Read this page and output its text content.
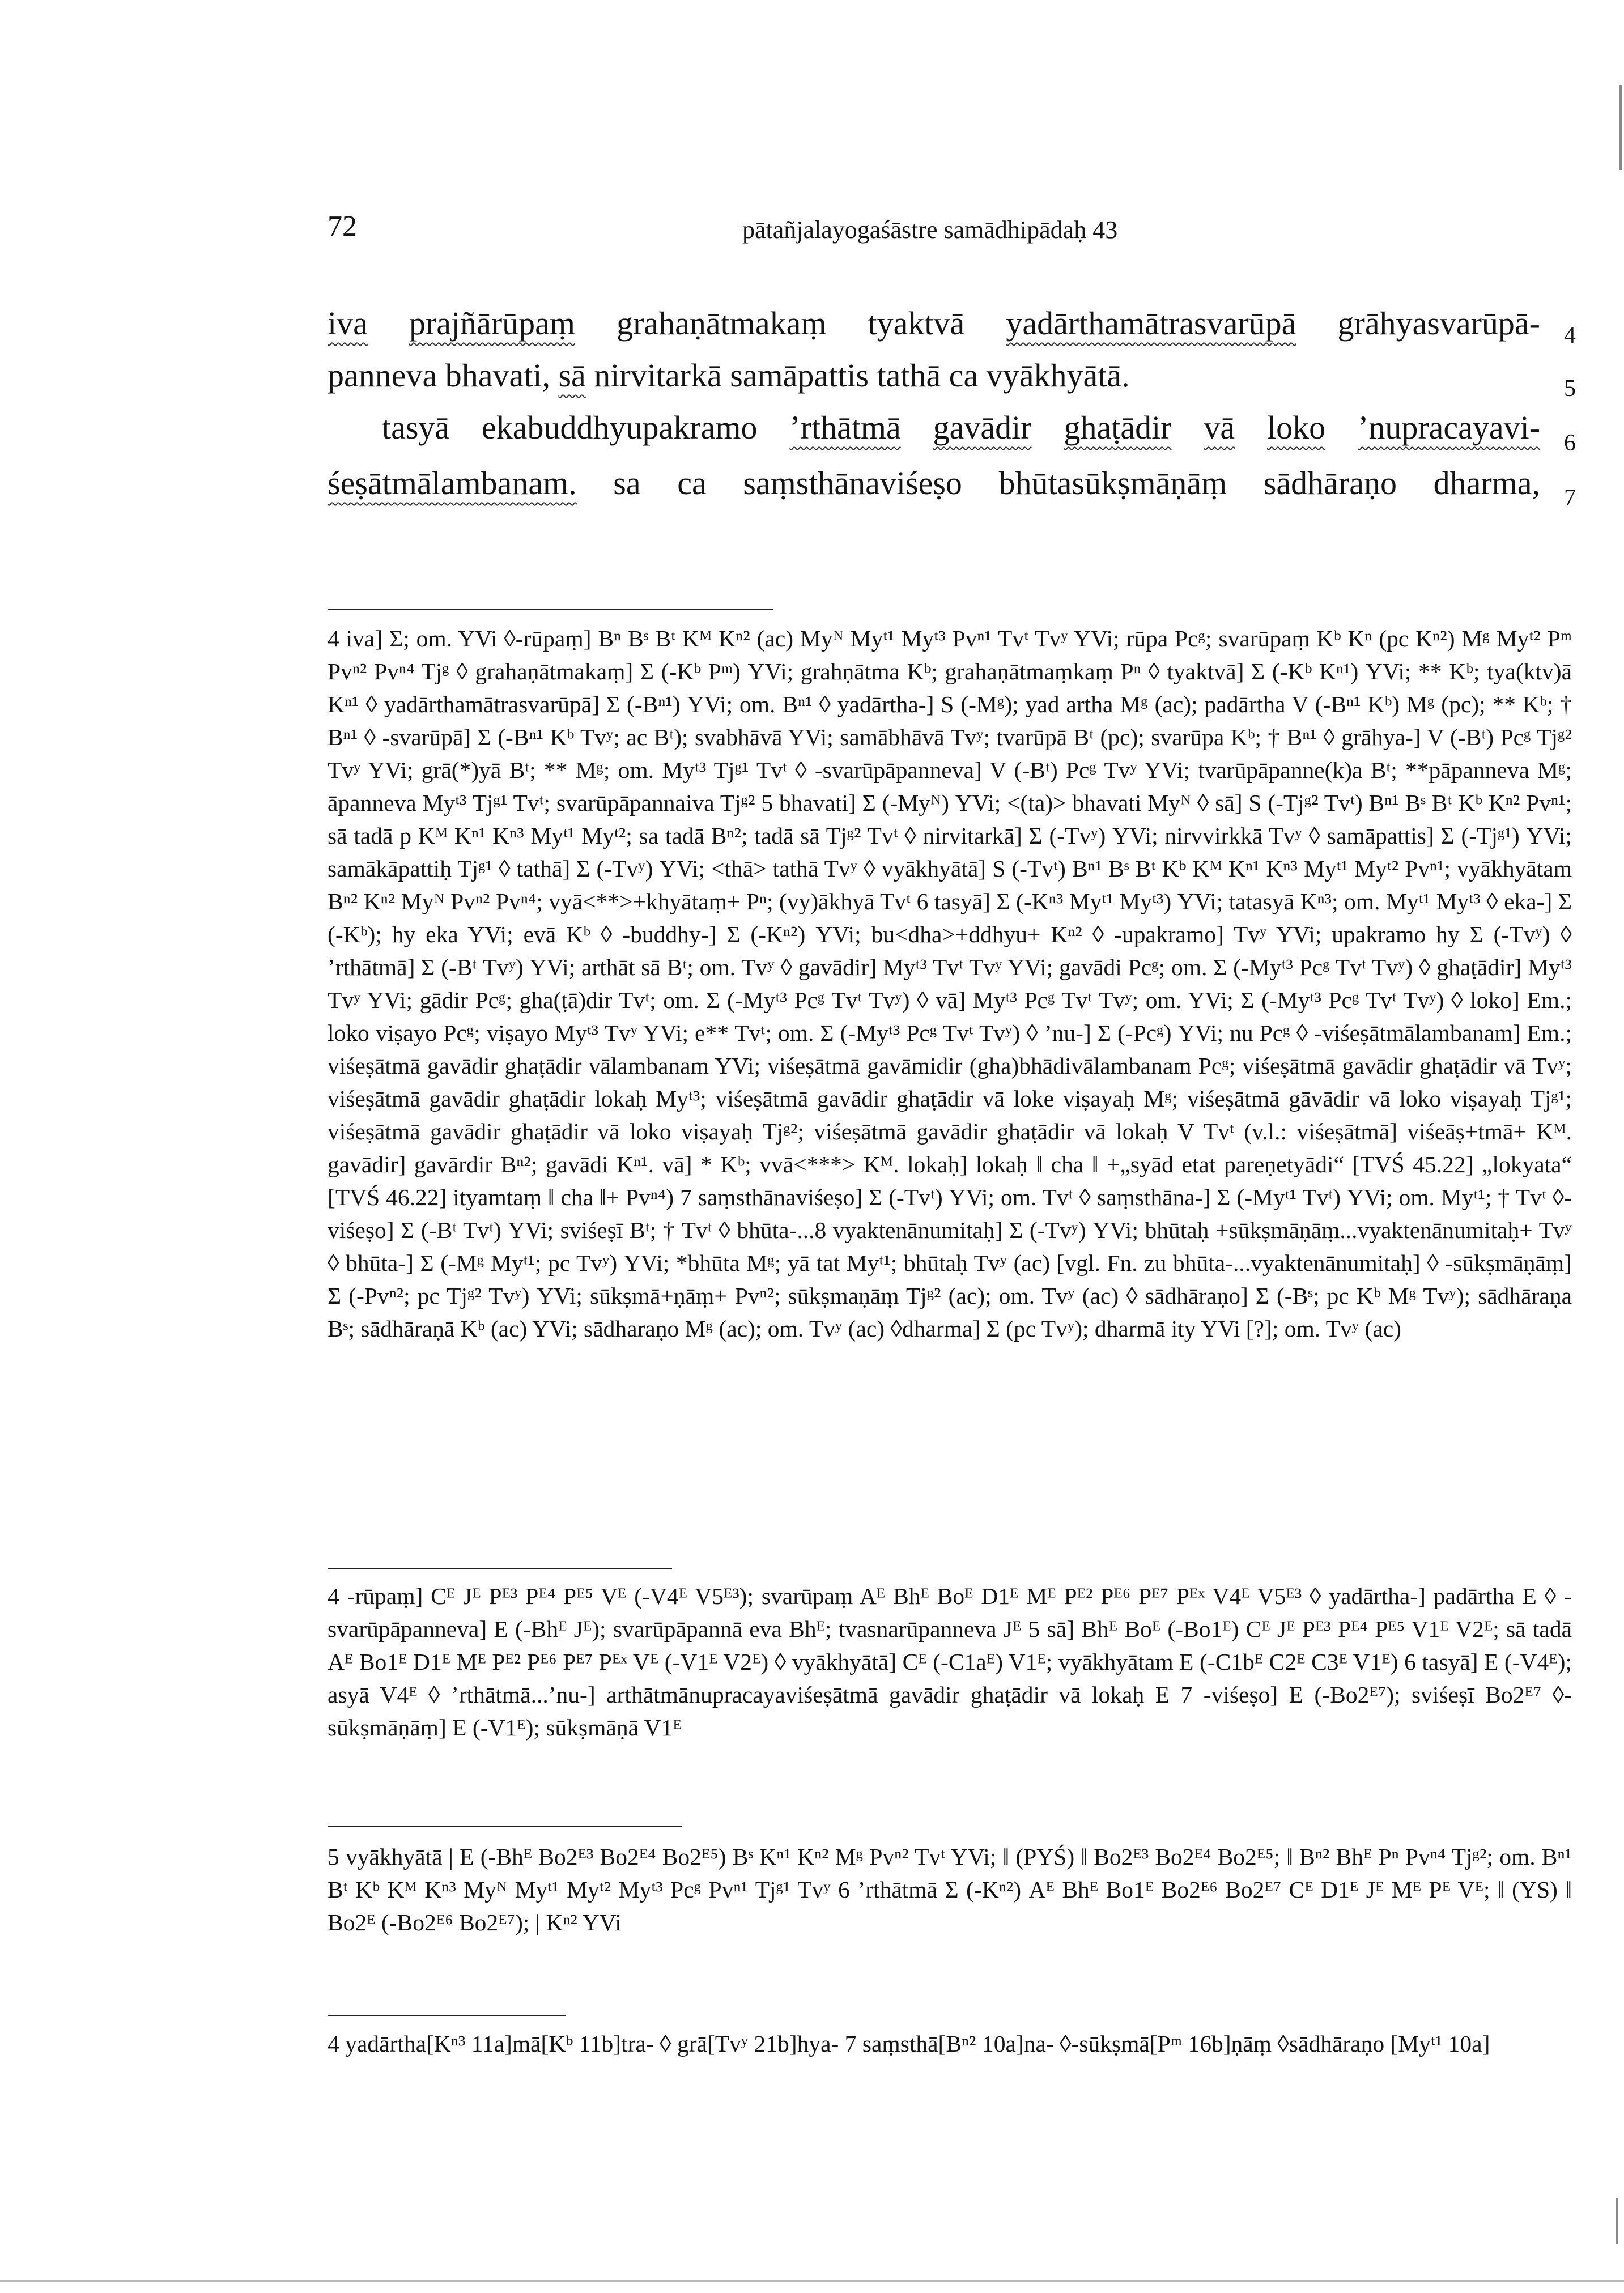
72	pātañjalayogaśāstre samādhipādaḥ 43
iva prajñārūpaṃ grahaṇātmakaṃ tyaktvā yadārthamātrasvarūpā grāhyasvarūpā- 4
panneva bhavati, sā nirvitarkā samāpattis tathā ca vyākhyātā.	5
tasyā ekabuddhyupakramo ’rthātmā gavādir ghaṭādir vā loko ’nupracayavi- 6
śeṣātmālambanam. sa ca saṃsthānaviśeṣo bhūtasūkṣmāṇāṃ sādhāraṇo dharma, 7
4 iva] Σ; om. YVi ◊-rūpaṃ] Bⁿ Bˢ Bᵗ Kᴹ Kⁿ² (ac) Myᴺ Myᵗ¹ Myᵗ³ Pvⁿ¹ Tvᵗ Tvʸ YVi; rūpa Pcᵍ; svarūpaṃ Kᵇ Kⁿ (pc Kⁿ²) Mᵍ Myᵗ² Pᵐ Pvⁿ² Pvⁿ⁴ Tjᵍ ◊ grahaṇātmakaṃ] Σ (-Kᵇ Pᵐ) YVi; grahṇātma Kᵇ; grahaṇātmaṃkaṃ Pⁿ ◊ tyaktvā] Σ (-Kᵇ Kⁿ¹) YVi; ** Kᵇ; tya(ktv)ā Kⁿ¹ ◊ yadārthamātrasvarūpā] Σ (-Bⁿ¹) YVi; om. Bⁿ¹ ◊ yadārtha-] S (-Mᵍ); yad artha Mᵍ (ac); padārtha V (-Bⁿ¹ Kᵇ) Mᵍ (pc); ** Kᵇ; † Bⁿ¹ ◊ -svarūpā] Σ (-Bⁿ¹ Kᵇ Tvʸ; ac Bᵗ); svabhāvā YVi; samābhāvā Tvʸ; tvarūpā Bᵗ (pc); svarūpa Kᵇ; † Bⁿ¹ ◊ grāhya-] V (-Bᵗ) Pcᵍ Tjᵍ² Tvʸ YVi; grā(*)yā Bᵗ; ** Mᵍ; om. Myᵗ³ Tjᵍ¹ Tvᵗ ◊ -svarūpāpanneva] V (-Bᵗ) Pcᵍ Tvʸ YVi; tvarūpāpanne(k)a Bᵗ; **pāpanneva Mᵍ; āpanneva Myᵗ³ Tjᵍ¹ Tvᵗ; svarūpāpannaiva Tjᵍ² 5 bhavati] Σ (-Myᴺ) YVi; <(ta)> bhavati Myᴺ ◊ sā] S (-Tjᵍ² Tvᵗ) Bⁿ¹ Bˢ Bᵗ Kᵇ Kⁿ² Pvⁿ¹; sā tadā p Kᴹ Kⁿ¹ Kⁿ³ Myᵗ¹ Myᵗ²; sa tadā Bⁿ²; tadā sā Tjᵍ² Tvᵗ ◊ nirvitarkā] Σ (-Tvʸ) YVi; nirvvirkkā Tvʸ ◊ samāpattis] Σ (-Tjᵍ¹) YVi; samākāpattiḥ Tjᵍ¹ ◊ tathā] Σ (-Tvʸ) YVi; <thā> tathā Tvʸ ◊ vyākhyātā] S (-Tvᵗ) Bⁿ¹ Bˢ Bᵗ Kᵇ Kᴹ Kⁿ¹ Kⁿ³ Myᵗ¹ Myᵗ² Pvⁿ¹; vyākhyātam Bⁿ² Kⁿ² Myᴺ Pvⁿ² Pvⁿ⁴; vyā<**>+khyātaṃ+ Pⁿ; (vy)ākhyā Tvᵗ 6 tasyā] Σ (-Kⁿ³ Myᵗ¹ Myᵗ³) YVi; tatasyā Kⁿ³; om. Myᵗ¹ Myᵗ³ ◊ eka-] Σ (-Kᵇ); hy eka YVi; evā Kᵇ ◊ -buddhy-] Σ (-Kⁿ²) YVi; bu<dha>+ddhyu+ Kⁿ² ◊ -upakramo] Tvʸ YVi; upakramo hy Σ (-Tvʸ) ◊ ’rthātmā] Σ (-Bᵗ Tvʸ) YVi; arthāt sā Bᵗ; om. Tvʸ ◊ gavādir] Myᵗ³ Tvᵗ Tvʸ YVi; gavādi Pcᵍ; om. Σ (-Myᵗ³ Pcᵍ Tvᵗ Tvʸ) ◊ ghaṭādir] Myᵗ³ Tvʸ YVi; gādir Pcᵍ; gha(ṭā)dir Tvᵗ; om. Σ (-Myᵗ³ Pcᵍ Tvᵗ Tvʸ) ◊ vā] Myᵗ³ Pcᵍ Tvᵗ Tvʸ; om. YVi; Σ (-Myᵗ³ Pcᵍ Tvᵗ Tvʸ) ◊ loko] Em.; loko viṣayo Pcᵍ; viṣayo Myᵗ³ Tvʸ YVi; e** Tvᵗ; om. Σ (-Myᵗ³ Pcᵍ Tvᵗ Tvʸ) ◊ ’nu-] Σ (-Pcᵍ) YVi; nu Pcᵍ ◊ -viśeṣātmālambanam] Em.; viśeṣātmā gavādir ghaṭādir vālambanam YVi; viśeṣātmā gavāmidir (gha)bhādivālambanam Pcᵍ; viśeṣātmā gavādir ghaṭādir vā Tvʸ; viśeṣātmā gavādir ghaṭādir lokaḥ Myᵗ³; viśeṣātmā gavādir ghaṭādir vā loke viṣayaḥ Mᵍ; viśeṣātmā gāvādir vā loko viṣayaḥ Tjᵍ¹; viśeṣātmā gavādir ghaṭādir vā loko viṣayaḥ Tjᵍ²; viśeṣātmā gavādir ghaṭādir vā lokaḥ V Tvᵗ (v.l.: viśeṣātmā] viśeāṣ+tmā+ Kᴹ. gavādir] gavārdir Bⁿ²; gavādi Kⁿ¹. vā] * Kᵇ; vvā<***> Kᴹ. lokaḥ] lokaḥ ‖ cha ‖ +„syād etat pareṇetyādi“ [TVŚ 45.22] „lokyata“ [TVŚ 46.22] ityamtaṃ ‖ cha ‖+ Pvⁿ⁴) 7 saṃsthānaviśeṣo] Σ (-Tvᵗ) YVi; om. Tvᵗ ◊ saṃsthāna-] Σ (-Myᵗ¹ Tvᵗ) YVi; om. Myᵗ¹; † Tvᵗ ◊-viśeṣo] Σ (-Bᵗ Tvᵗ) YVi; sviśeṣī Bᵗ; † Tvᵗ ◊ bhūta-...8 vyaktenānumitaḥ] Σ (-Tvʸ) YVi; bhūtaḥ +sūkṣmāṇāṃ...vyaktenānumitaḥ+ Tvʸ ◊ bhūta-] Σ (-Mᵍ Myᵗ¹; pc Tvʸ) YVi; *bhūta Mᵍ; yā tat Myᵗ¹; bhūtaḥ Tvʸ (ac) [vgl. Fn. zu bhūta-...vyaktenānumitaḥ] ◊ -sūkṣmāṇāṃ] Σ (-Pvⁿ²; pc Tjᵍ² Tvʸ) YVi; sūkṣmā+ṇāṃ+ Pvⁿ²; sūkṣmaṇāṃ Tjᵍ² (ac); om. Tvʸ (ac) ◊ sādhāraṇo] Σ (-Bˢ; pc Kᵇ Mᵍ Tvʸ); sādhāraṇa Bˢ; sādhāraṇā Kᵇ (ac) YVi; sādharaṇo Mᵍ (ac); om. Tvʸ (ac) ◊dharma] Σ (pc Tvʸ); dharmā ity YVi [?]; om. Tvʸ (ac)
4 -rūpaṃ] Cᴱ Jᴱ Pᴱ³ Pᴱ⁴ Pᴱ⁵ Vᴱ (-V4ᴱ V5ᴱ³); svarūpaṃ Aᴱ Bhᴱ Boᴱ D1ᴱ Mᴱ Pᴱ² Pᴱ⁶ Pᴱ⁷ Pᴱˣ V4ᴱ V5ᴱ³ ◊ yadārtha-] padārtha E ◊ -svarūpāpanneva] E (-Bhᴱ Jᴱ); svarūpāpannā eva Bhᴱ; tvasnarūpanneva Jᴱ 5 sā] Bhᴱ Boᴱ (-Bo1ᴱ) Cᴱ Jᴱ Pᴱ³ Pᴱ⁴ Pᴱ⁵ V1ᴱ V2ᴱ; sā tadā Aᴱ Bo1ᴱ D1ᴱ Mᴱ Pᴱ² Pᴱ⁶ Pᴱ⁷ Pᴱˣ Vᴱ (-V1ᴱ V2ᴱ) ◊ vyākhyātā] Cᴱ (-C1aᴱ) V1ᴱ; vyākhyātam E (-C1bᴱ C2ᴱ C3ᴱ V1ᴱ) 6 tasyā] E (-V4ᴱ); asyā V4ᴱ ◊ ’rthātmā...’nu-] arthātmānupracayaviśeṣātmā gavādir ghaṭādir vā lokaḥ E 7 -viśeṣo] E (-Bo2ᴱ⁷); sviśeṣī Bo2ᴱ⁷ ◊-sūkṣmāṇāṃ] E (-V1ᴱ); sūkṣmāṇā V1ᴱ
5 vyākhyātā | E (-Bhᴱ Bo2ᴱ³ Bo2ᴱ⁴ Bo2ᴱ⁵) Bˢ Kⁿ¹ Kⁿ² Mᵍ Pvⁿ² Tvᵗ YVi; ‖ (PYŚ) ‖ Bo2ᴱ³ Bo2ᴱ⁴ Bo2ᴱ⁵; ‖ Bⁿ² Bhᴱ Pⁿ Pvⁿ⁴ Tjᵍ²; om. Bⁿ¹ Bᵗ Kᵇ Kᴹ Kⁿ³ Myᴺ Myᵗ¹ Myᵗ² Myᵗ³ Pcᵍ Pvⁿ¹ Tjᵍ¹ Tvʸ 6 ’rthātmā Σ (-Kⁿ²) Aᴱ Bhᴱ Bo1ᴱ Bo2ᴱ⁶ Bo2ᴱ⁷ Cᴱ D1ᴱ Jᴱ Mᴱ Pᴱ Vᴱ; ‖ (YS) ‖ Bo2ᴱ (-Bo2ᴱ⁶ Bo2ᴱ⁷); | Kⁿ² YVi
4 yadārtha[Kⁿ³ 11a]mā[Kᵇ 11b]tra- ◊ grā[Tvʸ 21b]hya- 7 saṃsthā[Bⁿ² 10a]na- ◊-sūkṣmā[Pᵐ 16b]ṇāṃ ◊sādhāraṇo [Myᵗ¹ 10a]
